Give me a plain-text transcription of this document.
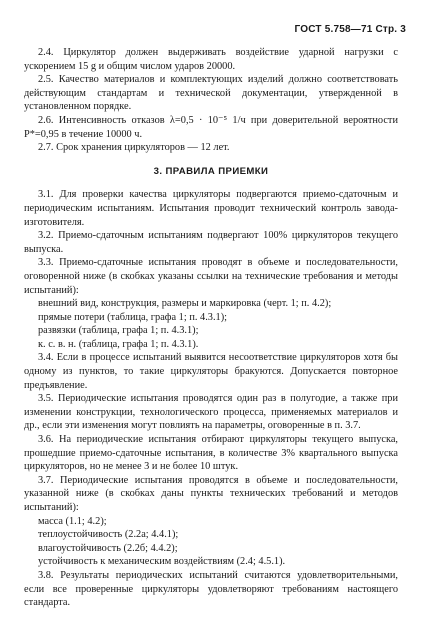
ГОСТ 5.758—71 Стр. 3

2.4. Циркулятор должен выдерживать воздействие ударной нагрузки с ускорением 15 g и общим числом ударов 20000.

2.5. Качество материалов и комплектующих изделий должно соответствовать действующим стандартам и технической документации, утвержденной в установленном порядке.

2.6. Интенсивность отказов λ=0,5 · 10⁻⁵ 1/ч при доверительной вероятности P*=0,95 в течение 10000 ч.

2.7. Срок хранения циркуляторов — 12 лет.

3. ПРАВИЛА ПРИЕМКИ

3.1. Для проверки качества циркуляторы подвергаются приемо-сдаточным и периодическим испытаниям. Испытания проводит технический контроль завода-изготовителя.

3.2. Приемо-сдаточным испытаниям подвергают 100% циркуляторов текущего выпуска.

3.3. Приемо-сдаточные испытания проводят в объеме и последовательности, оговоренной ниже (в скобках указаны ссылки на технические требования и методы испытаний):

внешний вид, конструкция, размеры и маркировка (черт. 1; п. 4.2);

прямые потери (таблица, графа 1; п. 4.3.1);

развязки (таблица, графа 1; п. 4.3.1);

к. с. в. н. (таблица, графа 1; п. 4.3.1).

3.4. Если в процессе испытаний выявится несоответствие циркуляторов хотя бы одному из пунктов, то такие циркуляторы бракуются. Допускается повторное предъявление.

3.5. Периодические испытания проводятся один раз в полугодие, а также при изменении конструкции, технологического процесса, применяемых материалов и др., если эти изменения могут повлиять на параметры, оговоренные в п. 3.7.

3.6. На периодические испытания отбирают циркуляторы текущего выпуска, прошедшие приемо-сдаточные испытания, в количестве 3% квартального выпуска циркуляторов, но не менее 3 и не более 10 штук.

3.7. Периодические испытания проводятся в объеме и последовательности, указанной ниже (в скобках даны пункты технических требований и методов испытаний):

масса (1.1; 4.2);

теплоустойчивость (2.2а; 4.4.1);

влагоустойчивость (2.2б; 4.4.2);

устойчивость к механическим воздействиям (2.4; 4.5.1).

3.8. Результаты периодических испытаний считаются удовлетворительными, если все проверенные циркуляторы удовлетворяют требованиям настоящего стандарта.
